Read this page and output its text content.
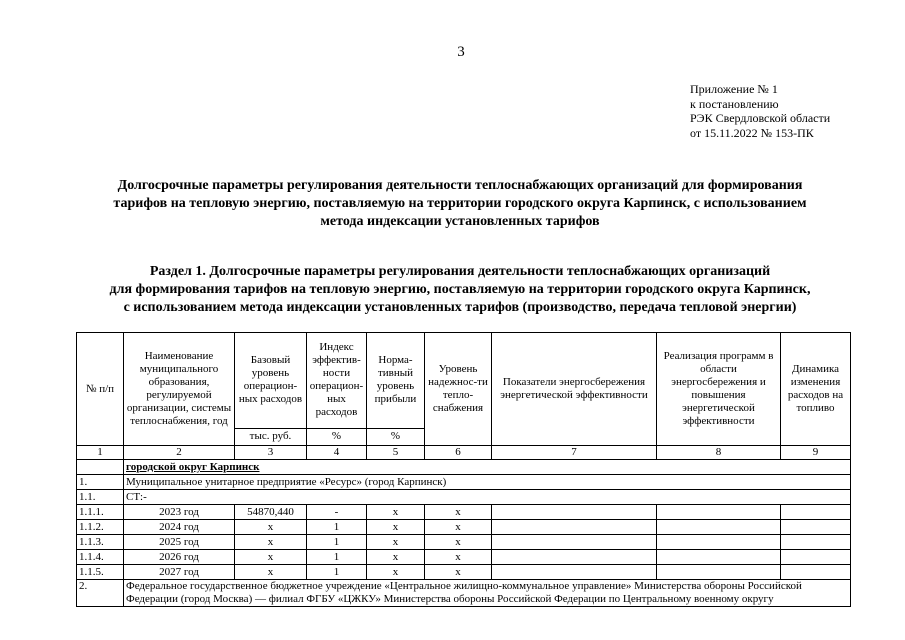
3
Приложение № 1
к постановлению
РЭК Свердловской области
от 15.11.2022 № 153-ПК
Долгосрочные параметры регулирования деятельности теплоснабжающих организаций для формирования
тарифов на тепловую энергию, поставляемую на территории городского округа Карпинск, с использованием
метода индексации установленных тарифов
Раздел 1. Долгосрочные параметры регулирования деятельности теплоснабжающих организаций
для формирования тарифов на тепловую энергию, поставляемую на территории городского округа Карпинск,
с использованием метода индексации установленных тарифов (производство, передача тепловой энергии)
№ п/п	Наименование муниципального образования, регулируемой организации, системы теплоснабжения, год	Базовый уровень операцион-ных расходов	Индекс эффектив-ности операцион-ных расходов	Норма-тивный уровень прибыли	Уровень надежнос-ти тепло-снабжения	Показатели энергосбережения энергетической эффективности	Реализация программ в области энергосбережения и повышения энергетической эффективности	Динамика изменения расходов на топливо
		тыс. руб.	%	%				
1	2	3	4	5	6	7	8	9
	городской округ Карпинск							
1.	Муниципальное унитарное предприятие «Ресурс» (город Карпинск)							
1.1.	СТ:-							
1.1.1.	2023 год	54870,440	-	x	x			
1.1.2.	2024 год	x	1	x	x			
1.1.3.	2025 год	x	1	x	x			
1.1.4.	2026 год	x	1	x	x			
1.1.5.	2027 год	x	1	x	x			
2.	Федеральное государственное бюджетное учреждение «Центральное жилищно-коммунальное управление» Министерства обороны Российской Федерации (город Москва) — филиал ФГБУ «ЦЖКУ» Министерства обороны Российской Федерации по Центральному военному округу							
